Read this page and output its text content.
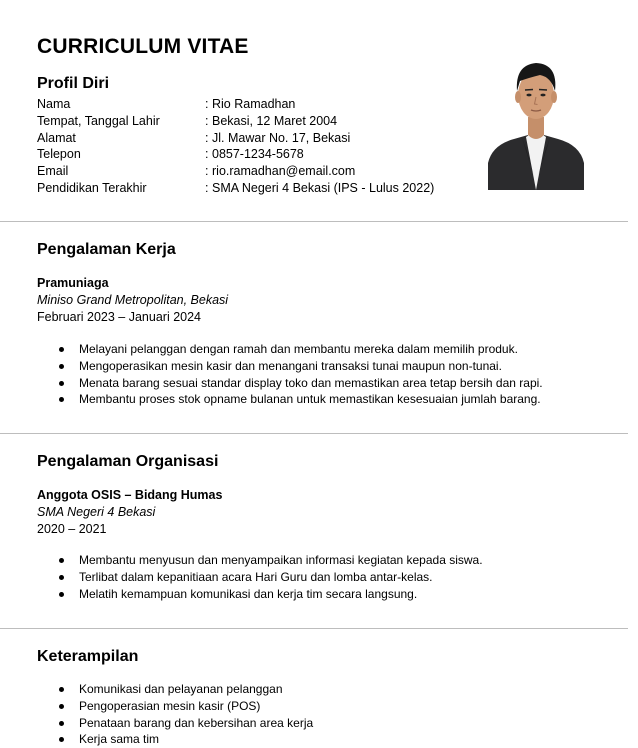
CURRICULUM VITAE
Profil Diri
Nama	: Rio Ramadhan
Tempat, Tanggal Lahir	: Bekasi, 12 Maret 2004
Alamat	: Jl. Mawar No. 17, Bekasi
Telepon	: 0857-1234-5678
Email	: rio.ramadhan@email.com
Pendidikan Terakhir	: SMA Negeri 4 Bekasi (IPS - Lulus 2022)
Pengalaman Kerja
Pramuniaga
Miniso Grand Metropolitan, Bekasi
Februari 2023 – Januari 2024
Melayani pelanggan dengan ramah dan membantu mereka dalam memilih produk.
Mengoperasikan mesin kasir dan menangani transaksi tunai maupun non-tunai.
Menata barang sesuai standar display toko dan memastikan area tetap bersih dan rapi.
Membantu proses stok opname bulanan untuk memastikan kesesuaian jumlah barang.
Pengalaman Organisasi
Anggota OSIS – Bidang Humas
SMA Negeri 4 Bekasi
2020 – 2021
Membantu menyusun dan menyampaikan informasi kegiatan kepada siswa.
Terlibat dalam kepanitiaan acara Hari Guru dan lomba antar-kelas.
Melatih kemampuan komunikasi dan kerja tim secara langsung.
Keterampilan
Komunikasi dan pelayanan pelanggan
Pengoperasian mesin kasir (POS)
Penataan barang dan kebersihan area kerja
Kerja sama tim
